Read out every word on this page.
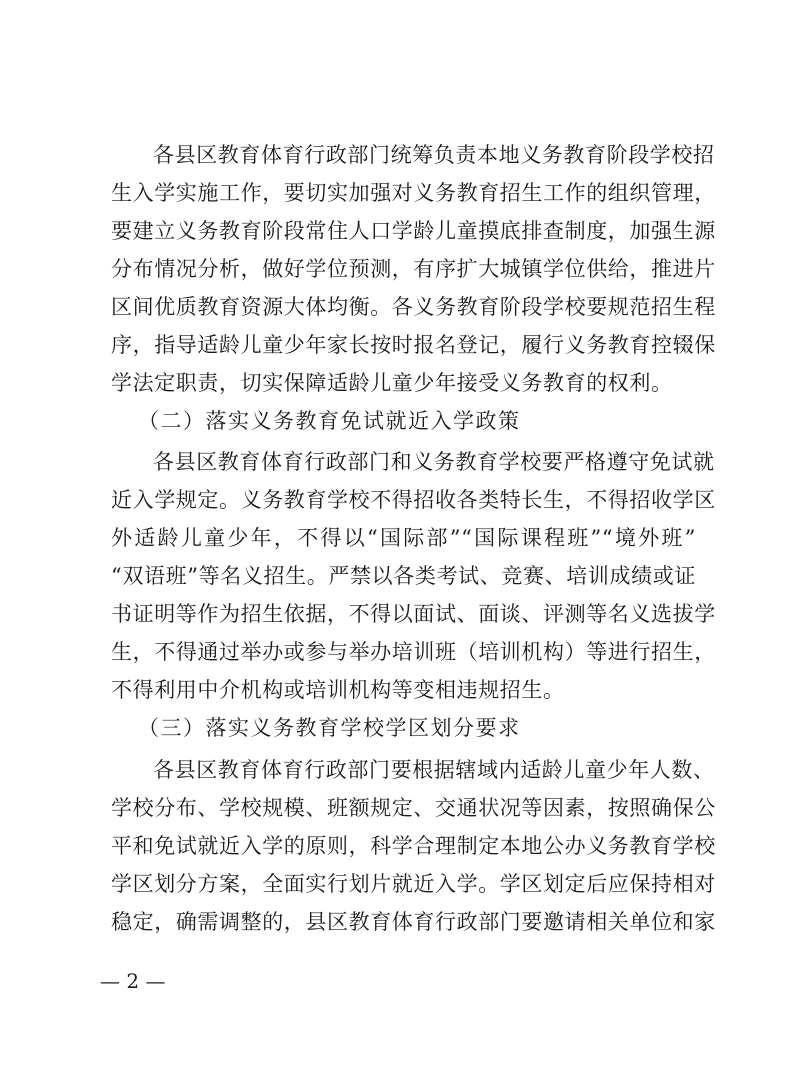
各县区教育体育行政部门统筹负责本地义务教育阶段学校招
生入学实施工作，要切实加强对义务教育招生工作的组织管理，
要建立义务教育阶段常住人口学龄儿童摸底排查制度，加强生源
分布情况分析，做好学位预测，有序扩大城镇学位供给，推进片
区间优质教育资源大体均衡。各义务教育阶段学校要规范招生程
序，指导适龄儿童少年家长按时报名登记，履行义务教育控辍保
学法定职责，切实保障适龄儿童少年接受义务教育的权利。
（二）落实义务教育免试就近入学政策
各县区教育体育行政部门和义务教育学校要严格遵守免试就
近入学规定。义务教育学校不得招收各类特长生，不得招收学区
外适龄儿童少年，不得以“国际部”“国际课程班”“境外班”
“双语班”等名义招生。严禁以各类考试、竞赛、培训成绩或证
书证明等作为招生依据，不得以面试、面谈、评测等名义选拔学
生，不得通过举办或参与举办培训班（培训机构）等进行招生，
不得利用中介机构或培训机构等变相违规招生。
（三）落实义务教育学校学区划分要求
各县区教育体育行政部门要根据辖域内适龄儿童少年人数、
学校分布、学校规模、班额规定、交通状况等因素，按照确保公
平和免试就近入学的原则，科学合理制定本地公办义务教育学校
学区划分方案，全面实行划片就近入学。学区划定后应保持相对
稳定，确需调整的，县区教育体育行政部门要邀请相关单位和家
— 2 —
